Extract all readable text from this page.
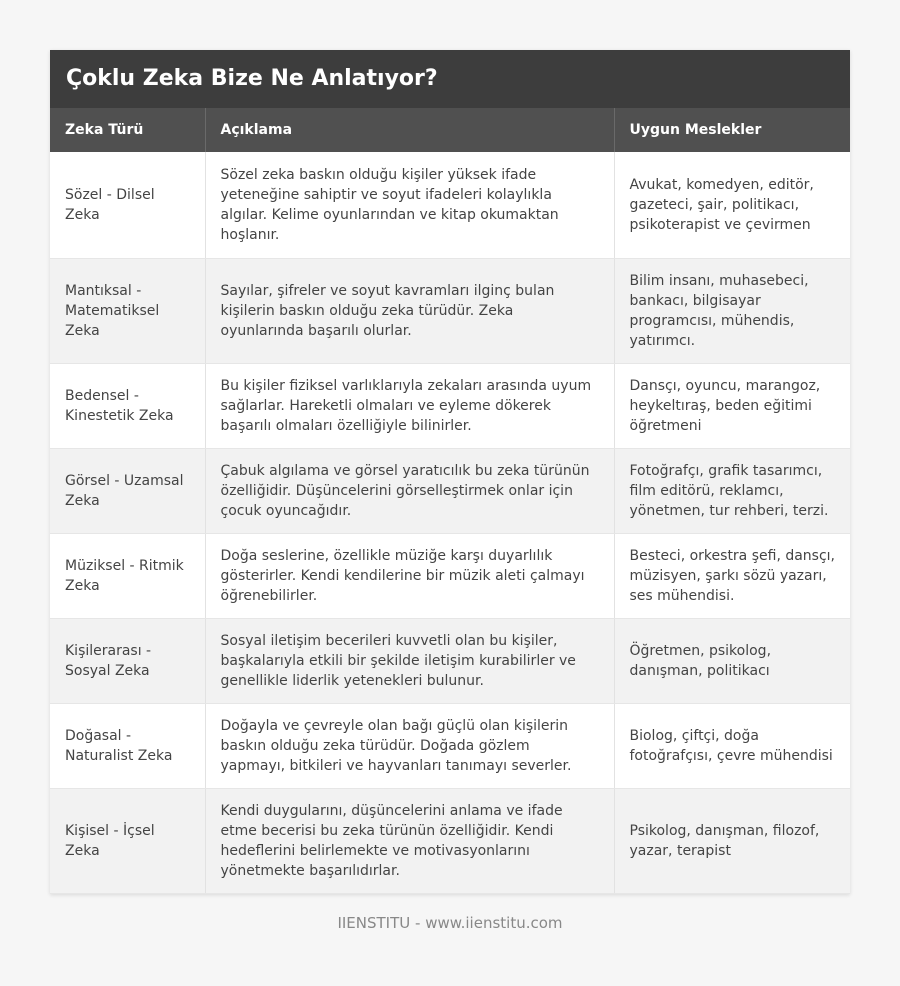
Çoklu Zeka Bize Ne Anlatıyor?
Zeka Türü	Açıklama	Uygun Meslekler
Sözel - Dilsel Zeka	Sözel zeka baskın olduğu kişiler yüksek ifade yeteneğine sahiptir ve soyut ifadeleri kolaylıkla algılar. Kelime oyunlarından ve kitap okumaktan hoşlanır.	Avukat, komedyen, editör, gazeteci, şair, politikacı, psikoterapist ve çevirmen
Mantıksal - Matematiksel Zeka	Sayılar, şifreler ve soyut kavramları ilginç bulan kişilerin baskın olduğu zeka türüdür. Zeka oyunlarında başarılı olurlar.	Bilim insanı, muhasebeci, bankacı, bilgisayar programcısı, mühendis, yatırımcı.
Bedensel - Kinestetik Zeka	Bu kişiler fiziksel varlıklarıyla zekaları arasında uyum sağlarlar. Hareketli olmaları ve eyleme dökerek başarılı olmaları özelliğiyle bilinirler.	Dansçı, oyuncu, marangoz, heykeltıraş, beden eğitimi öğretmeni
Görsel - Uzamsal Zeka	Çabuk algılama ve görsel yaratıcılık bu zeka türünün özelliğidir. Düşüncelerini görselleştirmek onlar için çocuk oyuncağıdır.	Fotoğrafçı, grafik tasarımcı, film editörü, reklamcı, yönetmen, tur rehberi, terzi.
Müziksel - Ritmik Zeka	Doğa seslerine, özellikle müziğe karşı duyarlılık gösterirler. Kendi kendilerine bir müzik aleti çalmayı öğrenebilirler.	Besteci, orkestra şefi, dansçı, müzisyen, şarkı sözü yazarı, ses mühendisi.
Kişilerarası - Sosyal Zeka	Sosyal iletişim becerileri kuvvetli olan bu kişiler, başkalarıyla etkili bir şekilde iletişim kurabilirler ve genellikle liderlik yetenekleri bulunur.	Öğretmen, psikolog, danışman, politikacı
Doğasal - Naturalist Zeka	Doğayla ve çevreyle olan bağı güçlü olan kişilerin baskın olduğu zeka türüdür. Doğada gözlem yapmayı, bitkileri ve hayvanları tanımayı severler.	Biolog, çiftçi, doğa fotoğrafçısı, çevre mühendisi
Kişisel - İçsel Zeka	Kendi duygularını, düşüncelerini anlama ve ifade etme becerisi bu zeka türünün özelliğidir. Kendi hedeflerini belirlemekte ve motivasyonlarını yönetmekte başarılıdırlar.	Psikolog, danışman, filozof, yazar, terapist
IIENSTITU - www.iienstitu.com
